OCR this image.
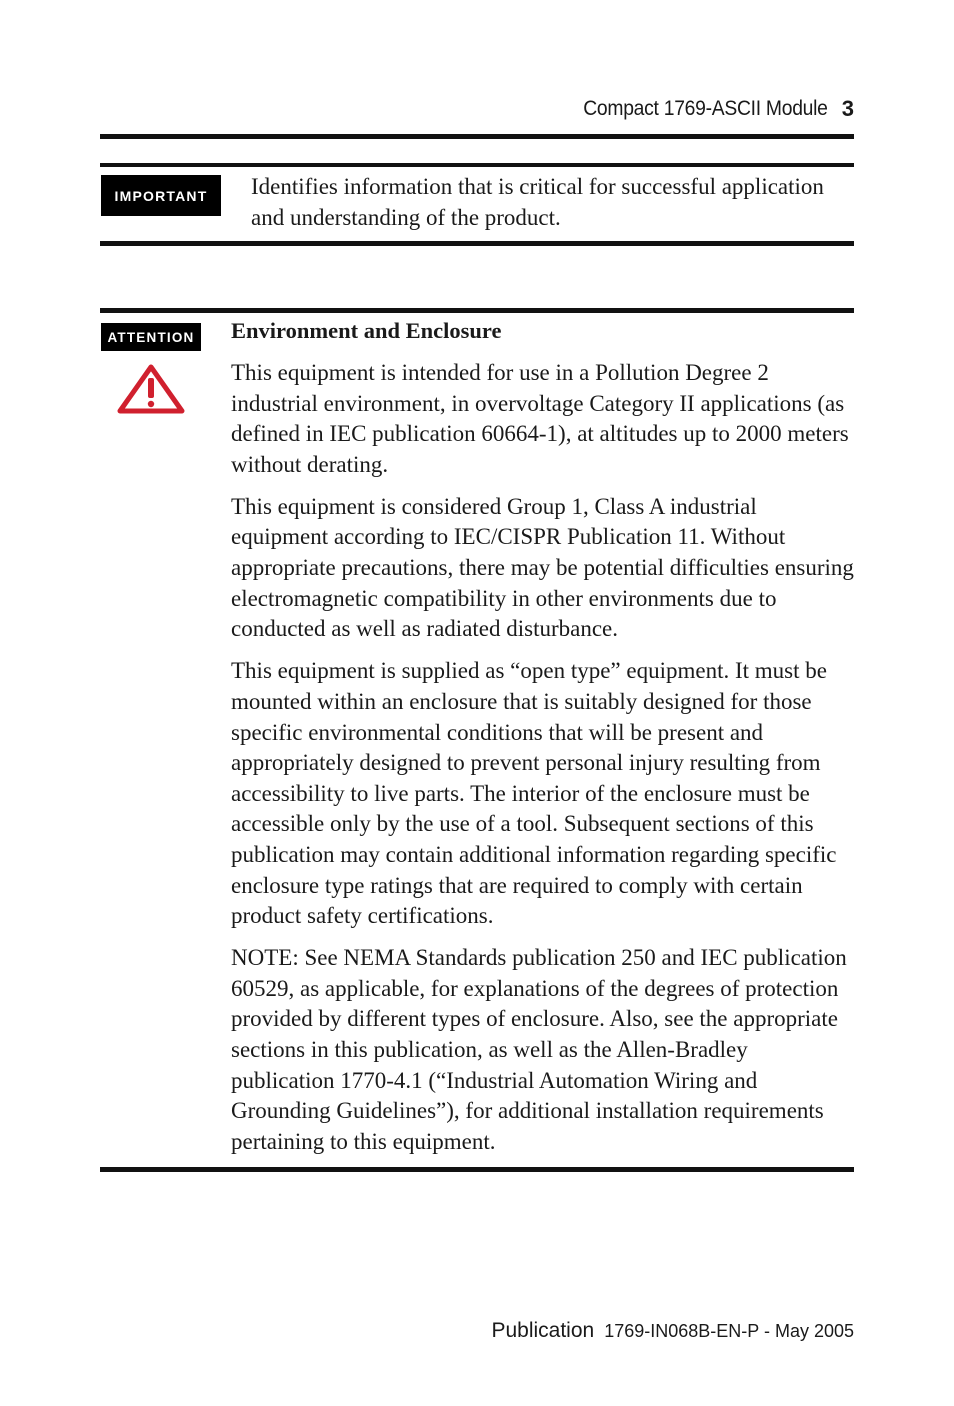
Compact 1769-ASCII Module 3
IMPORTANT	Identifies information that is critical for successful application and understanding of the product.
ATTENTION Environment and Enclosure

This equipment is intended for use in a Pollution Degree 2 industrial environment, in overvoltage Category II applications (as defined in IEC publication 60664-1), at altitudes up to 2000 meters without derating.

This equipment is considered Group 1, Class A industrial equipment according to IEC/CISPR Publication 11. Without appropriate precautions, there may be potential difficulties ensuring electromagnetic compatibility in other environments due to conducted as well as radiated disturbance.

This equipment is supplied as “open type” equipment. It must be mounted within an enclosure that is suitably designed for those specific environmental conditions that will be present and appropriately designed to prevent personal injury resulting from accessibility to live parts. The interior of the enclosure must be accessible only by the use of a tool. Subsequent sections of this publication may contain additional information regarding specific enclosure type ratings that are required to comply with certain product safety certifications.

NOTE: See NEMA Standards publication 250 and IEC publication 60529, as applicable, for explanations of the degrees of protection provided by different types of enclosure. Also, see the appropriate sections in this publication, as well as the Allen-Bradley publication 1770-4.1 (“Industrial Automation Wiring and Grounding Guidelines”), for additional installation requirements pertaining to this equipment.

Publication 1769-IN068B-EN-P - May 2005
